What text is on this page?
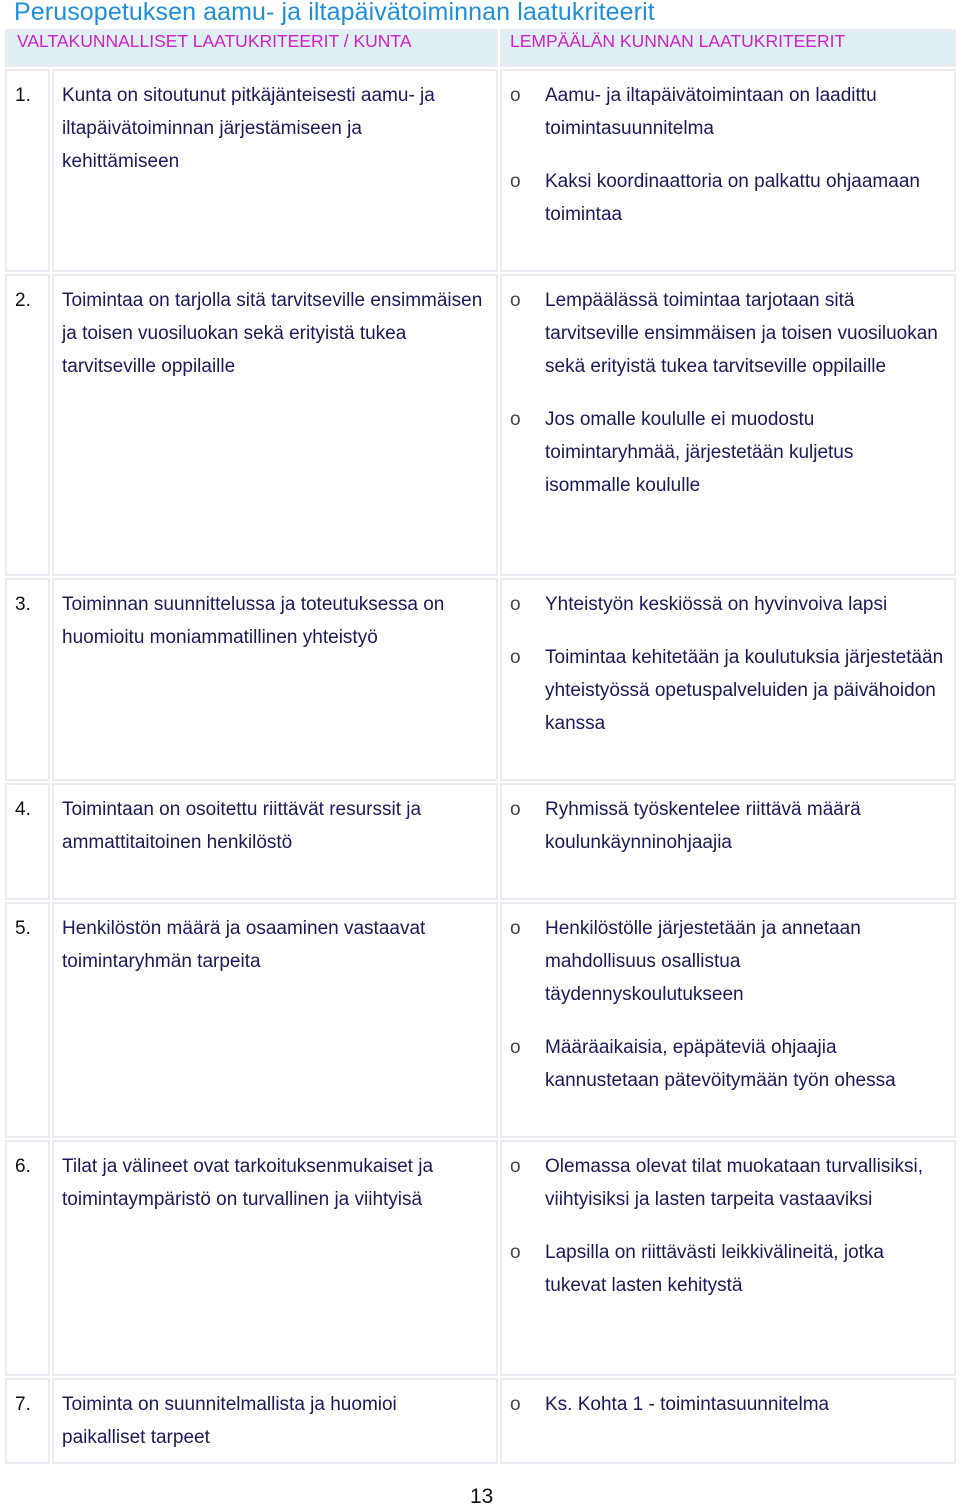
Perusopetuksen aamu- ja iltapäivätoiminnan laatukriteerit
VALTAKUNNALLISET LAATUKRITEERIT / KUNTA		LEMPÄÄLÄN KUNNAN LAATUKRITEERIT
1.	Kunta on sitoutunut pitkäjänteisesti aamu- ja iltapäivätoiminnan järjestämiseen ja kehittämiseen	o Aamu- ja iltapäivätoimintaan on laadittu toimintasuunnitelma
o Kaksi koordinaattoria on palkattu ohjaamaan toimintaa

2.	Toimintaa on tarjolla sitä tarvitseville ensimmäisen ja toisen vuosiluokan sekä erityistä tukea tarvitseville oppilaille	o Lempäälässä toimintaa tarjotaan sitä tarvitseville ensimmäisen ja toisen vuosiluokan sekä erityistä tukea tarvitseville oppilaille
o Jos omalle koululle ei muodostu toimintaryhmää, järjestetään kuljetus isommalle koululle

3.	Toiminnan suunnittelussa ja toteutuksessa on huomioitu moniammatillinen yhteistyö	o Yhteistyön keskiössä on hyvinvoiva lapsi
o Toimintaa kehitetään ja koulutuksia järjestetään yhteistyössä opetuspalveluiden ja päivähoidon kanssa

4.	Toimintaan on osoitettu riittävät resurssit ja ammattitaitoinen henkilöstö	o Ryhmissä työskentelee riittävä määrä koulunkäynninohjaajia

5.	Henkilöstön määrä ja osaaminen vastaavat toimintaryhmän tarpeita	o Henkilöstölle järjestetään ja annetaan mahdollisuus osallistua täydennyskoulutukseen
o Määräaikaisia, epäpäteviä ohjaajia kannustetaan pätevöitymään työn ohessa

6.	Tilat ja välineet ovat tarkoituksenmukaiset ja toimintaympäristö on turvallinen ja viihtyisä	o Olemassa olevat tilat muokataan turvallisiksi, viihtyisiksi ja lasten tarpeita vastaaviksi
o Lapsilla on riittävästi leikkivälineitä, jotka tukevat lasten kehitystä

7.	Toiminta on suunnitelmallista ja huomioi paikalliset tarpeet	o Ks. Kohta 1 - toimintasuunnitelma
13
